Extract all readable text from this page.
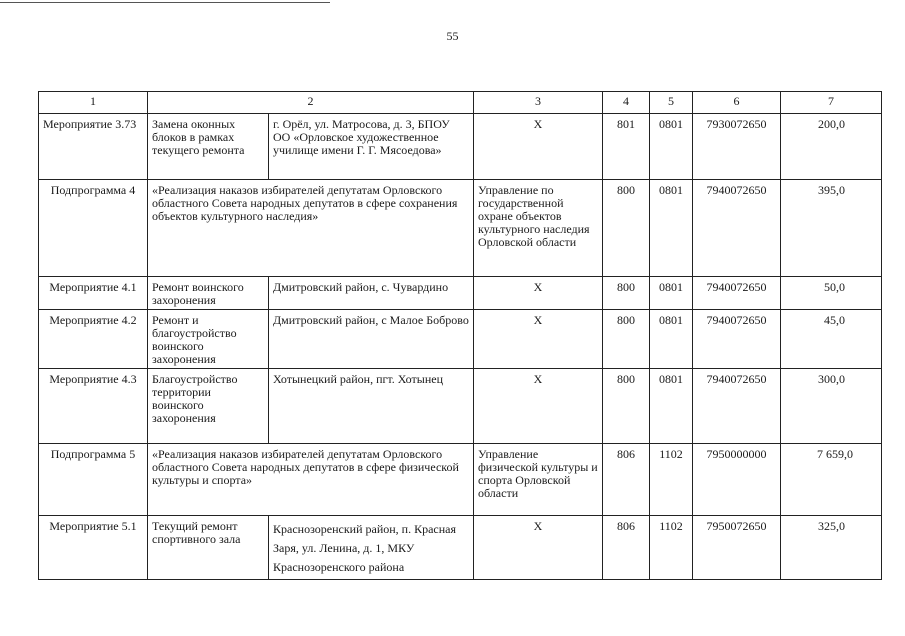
55
1	2		3	4	5	6	7
Мероприятие 3.73	Замена оконных блоков в рамках текущего ремонта	г. Орёл, ул. Матросова, д. 3, БПОУ ОО «Орловское художественное училище имени Г. Г. Мясоедова»	Х	801	0801	7930072650	200,0
Подпрограмма 4	«Реализация наказов избирателей депутатам Орловского областного Совета народных депутатов в сфере сохранения объектов культурного наследия»		Управление по государственной охране объектов культурного наследия Орловской области	800	0801	7940072650	395,0
Мероприятие 4.1	Ремонт воинского захоронения	Дмитровский район, с. Чувардино	Х	800	0801	7940072650	50,0
Мероприятие 4.2	Ремонт и благоустройство воинского захоронения	Дмитровский район, с Малое Боброво	Х	800	0801	7940072650	45,0
Мероприятие 4.3	Благоустройство территории воинского захоронения	Хотынецкий район, пгт. Хотынец	Х	800	0801	7940072650	300,0
Подпрограмма 5	«Реализация наказов избирателей депутатам Орловского областного Совета народных депутатов в сфере физической культуры и спорта»		Управление физической культуры и спорта Орловской области	806	1102	7950000000	7 659,0
Мероприятие 5.1	Текущий ремонт спортивного зала	Краснозоренский район, п. Красная Заря, ул. Ленина, д. 1, МКУ Краснозоренского района	Х	806	1102	7950072650	325,0
